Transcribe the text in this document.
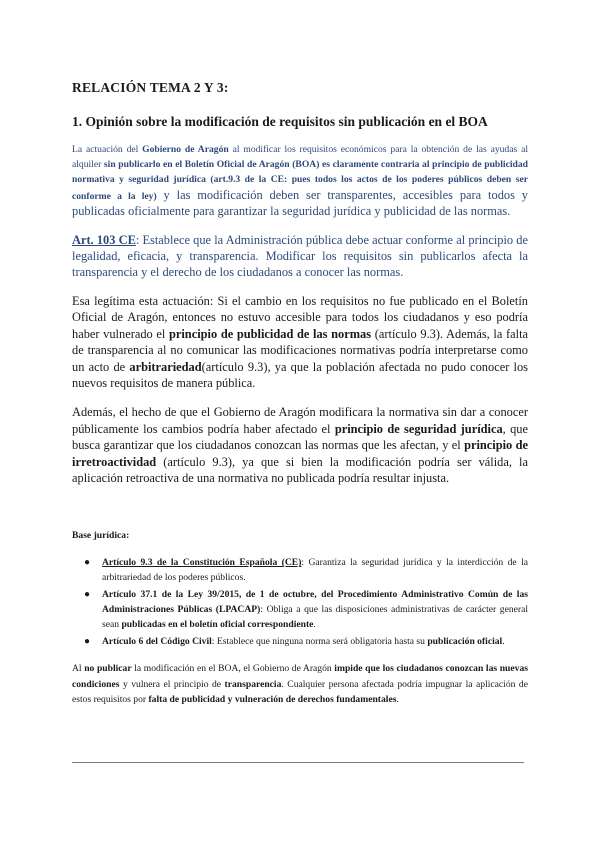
RELACIÓN TEMA 2 Y 3:
1. Opinión sobre la modificación de requisitos sin publicación en el BOA

La actuación del Gobierno de Aragón al modificar los requisitos económicos para la obtención de las ayudas al alquiler sin publicarlo en el Boletín Oficial de Aragón (BOA) es claramente contraria al principio de publicidad normativa y seguridad jurídica (art.9.3 de la CE: pues todos los actos de los poderes públicos deben ser conforme a la ley) y las modificación deben ser transparentes, accesibles para todos y publicadas oficialmente para garantizar la seguridad jurídica y publicidad de las normas.

Art. 103 CE: Establece que la Administración pública debe actuar conforme al principio de legalidad, eficacia, y transparencia. Modificar los requisitos sin publicarlos afecta la transparencia y el derecho de los ciudadanos a conocer las normas.

Esa legítima esta actuación: Si el cambio en los requisitos no fue publicado en el Boletín Oficial de Aragón, entonces no estuvo accesible para todos los ciudadanos y eso podría haber vulnerado el principio de publicidad de las normas (artículo 9.3). Además, la falta de transparencia al no comunicar las modificaciones normativas podría interpretarse como un acto de arbitrariedad(artículo 9.3), ya que la población afectada no pudo conocer los nuevos requisitos de manera pública.

Además, el hecho de que el Gobierno de Aragón modificara la normativa sin dar a conocer públicamente los cambios podría haber afectado el principio de seguridad jurídica, que busca garantizar que los ciudadanos conozcan las normas que les afectan, y el principio de irretroactividad (artículo 9.3), ya que si bien la modificación podría ser válida, la aplicación retroactiva de una normativa no publicada podría resultar injusta.

Base jurídica:
● Artículo 9.3 de la Constitución Española (CE): Garantiza la seguridad jurídica y la interdicción de la arbitrariedad de los poderes públicos.
● Artículo 37.1 de la Ley 39/2015, de 1 de octubre, del Procedimiento Administrativo Común de las Administraciones Públicas (LPACAP): Obliga a que las disposiciones administrativas de carácter general sean publicadas en el boletín oficial correspondiente.
● Artículo 6 del Código Civil: Establece que ninguna norma será obligatoria hasta su publicación oficial.

Al no publicar la modificación en el BOA, el Gobierno de Aragón impide que los ciudadanos conozcan las nuevas condiciones y vulnera el principio de transparencia. Cualquier persona afectada podría impugnar la aplicación de estos requisitos por falta de publicidad y vulneración de derechos fundamentales.
